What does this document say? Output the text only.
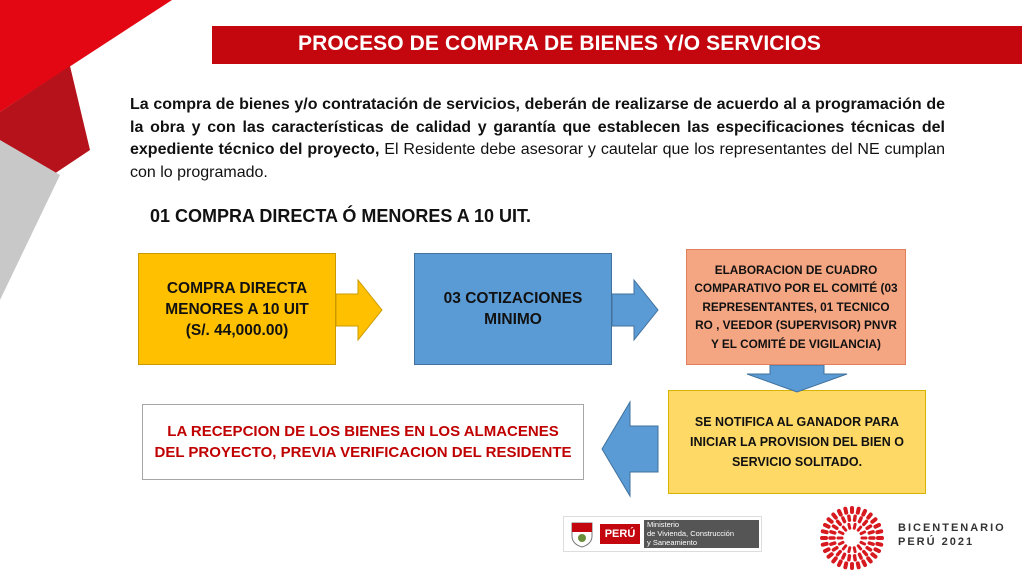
PROCESO DE COMPRA DE BIENES Y/O SERVICIOS

La compra de bienes y/o contratación de servicios, deberán de realizarse de acuerdo al a programación de la obra y con las características de calidad y garantía que establecen las especificaciones técnicas del expediente técnico del proyecto, El Residente debe asesorar y cautelar que los representantes del NE cumplan con lo programado.

01 COMPRA DIRECTA Ó MENORES A 10 UIT.
COMPRA DIRECTA MENORES A 10 UIT (S/. 44,000.00)
03 COTIZACIONES MINIMO
ELABORACION DE CUADRO COMPARATIVO POR EL COMITÉ (03 REPRESENTANTES, 01 TECNICO RO , VEEDOR (SUPERVISOR) PNVR Y EL COMITÉ DE VIGILANCIA)
SE NOTIFICA AL GANADOR PARA INICIAR LA PROVISION DEL BIEN O SERVICIO SOLITADO.
LA RECEPCION DE LOS BIENES EN LOS ALMACENES DEL PROYECTO, PREVIA VERIFICACION DEL RESIDENTE
PERÚ
Ministerio
de Vivienda, Construcción
y Saneamiento
BICENTENARIO
PERÚ 2021
